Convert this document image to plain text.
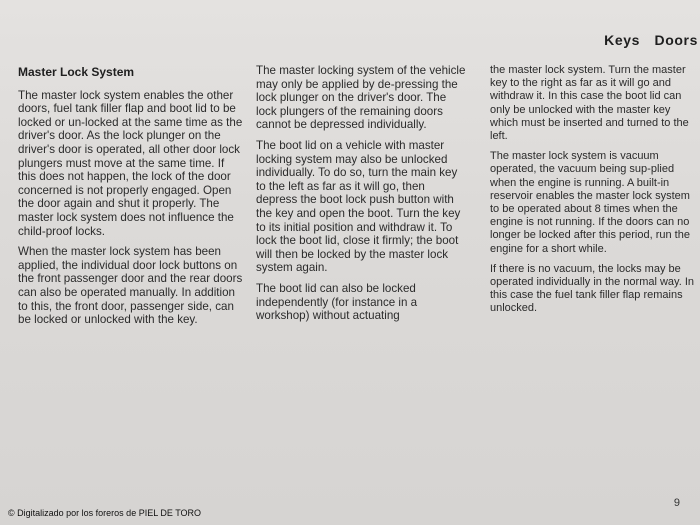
Keys Doors
Master Lock System

The master lock system enables the other doors, fuel tank filler flap and boot lid to be locked or un-locked at the same time as the driver's door. As the lock plunger on the driver's door is operated, all other door lock plungers must move at the same time. If this does not happen, the lock of the door concerned is not properly engaged. Open the door again and shut it properly. The master lock system does not influence the child-proof locks.

When the master lock system has been applied, the individual door lock buttons on the front passenger door and the rear doors can also be operated manually. In addition to this, the front door, passenger side, can be locked or unlocked with the key.

The master locking system of the vehicle may only be applied by de-pressing the lock plunger on the driver's door. The lock plungers of the remaining doors cannot be depressed individually.

The boot lid on a vehicle with master locking system may also be unlocked individually. To do so, turn the main key to the left as far as it will go, then depress the boot lock push button with the key and open the boot. Turn the key to its initial position and withdraw it. To lock the boot lid, close it firmly; the boot will then be locked by the master lock system again.

The boot lid can also be locked independently (for instance in a workshop) without actuating

the master lock system. Turn the master key to the right as far as it will go and withdraw it. In this case the boot lid can only be unlocked with the master key which must be inserted and turned to the left.

The master lock system is vacuum operated, the vacuum being sup-plied when the engine is running. A built-in reservoir enables the master lock system to be operated about 8 times when the engine is not running. If the doors can no longer be locked after this period, run the engine for a short while.

If there is no vacuum, the locks may be operated individually in the normal way. In this case the fuel tank filler flap remains unlocked.

9
© Digitalizado por los foreros de PIEL DE TORO
